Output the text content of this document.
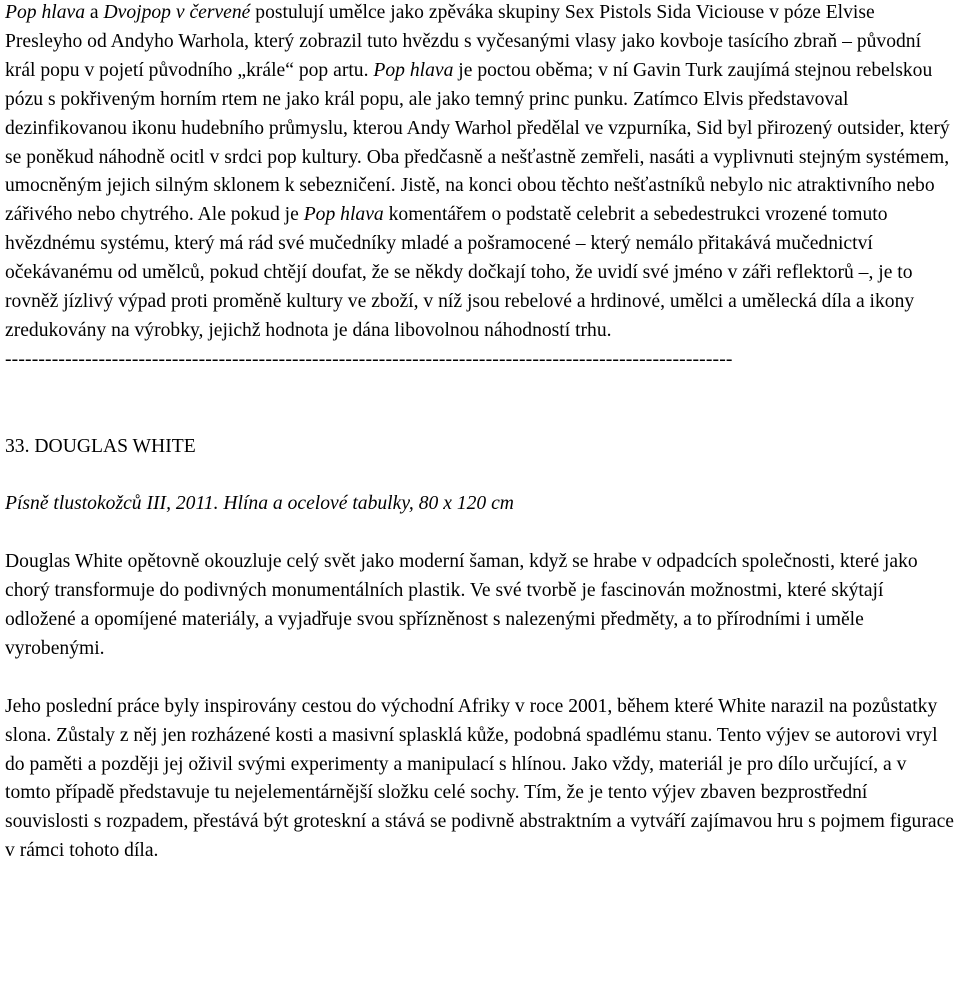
Pop hlava a Dvojpop v červené postulují umělce jako zpěváka skupiny Sex Pistols Sida Viciouse v póze Elvise Presleyho od Andyho Warhola, který zobrazil tuto hvězdu s vyčesanými vlasy jako kovboje tasícího zbraň – původní král popu v pojetí původního „krále“ pop artu. Pop hlava je poctou oběma; v ní Gavin Turk zaujímá stejnou rebelskou pózu s pokřiveným horním rtem ne jako král popu, ale jako temný princ punku. Zatímco Elvis představoval dezinfikovanou ikonu hudebního průmyslu, kterou Andy Warhol předělal ve vzpurníka, Sid byl přirozený outsider, který se poněkud náhodně ocitl v srdci pop kultury. Oba předčasně a nešťastně zemřeli, nasáti a vyplivnuti stejným systémem, umocněným jejich silným sklonem k sebezničení. Jistě, na konci obou těchto nešťastníků nebylo nic atraktivního nebo zářivého nebo chytrého. Ale pokud je Pop hlava komentářem o podstatě celebrit a sebedestrukci vrozené tomuto hvězdnému systému, který má rád své mučedníky mladé a pošramocené – který nemálo přitakává mučednictví očekávanému od umělců, pokud chtějí doufat, že se někdy dočkají toho, že uvidí své jméno v záři reflektorů –, je to rovněž jízlivý výpad proti proměně kultury ve zboží, v níž jsou rebelové a hrdinové, umělci a umělecká díla a ikony zredukovány na výrobky, jejichž hodnota je dána libovolnou náhodností trhu.

-------------------------------------------------------------------------------------------------------------

33. DOUGLAS WHITE

Písně tlustokožců III, 2011. Hlína a ocelové tabulky, 80 x 120 cm

Douglas White opětovně okouzluje celý svět jako moderní šaman, když se hrabe v odpadcích společnosti, které jako chorý transformuje do podivných monumentálních plastik. Ve své tvorbě je fascinován možnostmi, které skýtají odložené a opomíjené materiály, a vyjadřuje svou spřízněnost s nalezenými předměty, a to přírodními i uměle vyrobenými.

Jeho poslední práce byly inspirovány cestou do východní Afriky v roce 2001, během které White narazil na pozůstatky slona. Zůstaly z něj jen rozházené kosti a masivní splasklá kůže, podobná spadlému stanu. Tento výjev se autorovi vryl do paměti a později jej oživil svými experimenty a manipulací s hlínou. Jako vždy, materiál je pro dílo určující, a v tomto případě představuje tu nejelementárnější složku celé sochy. Tím, že je tento výjev zbaven bezprostřední souvislosti s rozpadem, přestává být groteskní a stává se podivně abstraktním a vytváří zajímavou hru s pojmem figurace v rámci tohoto díla.
